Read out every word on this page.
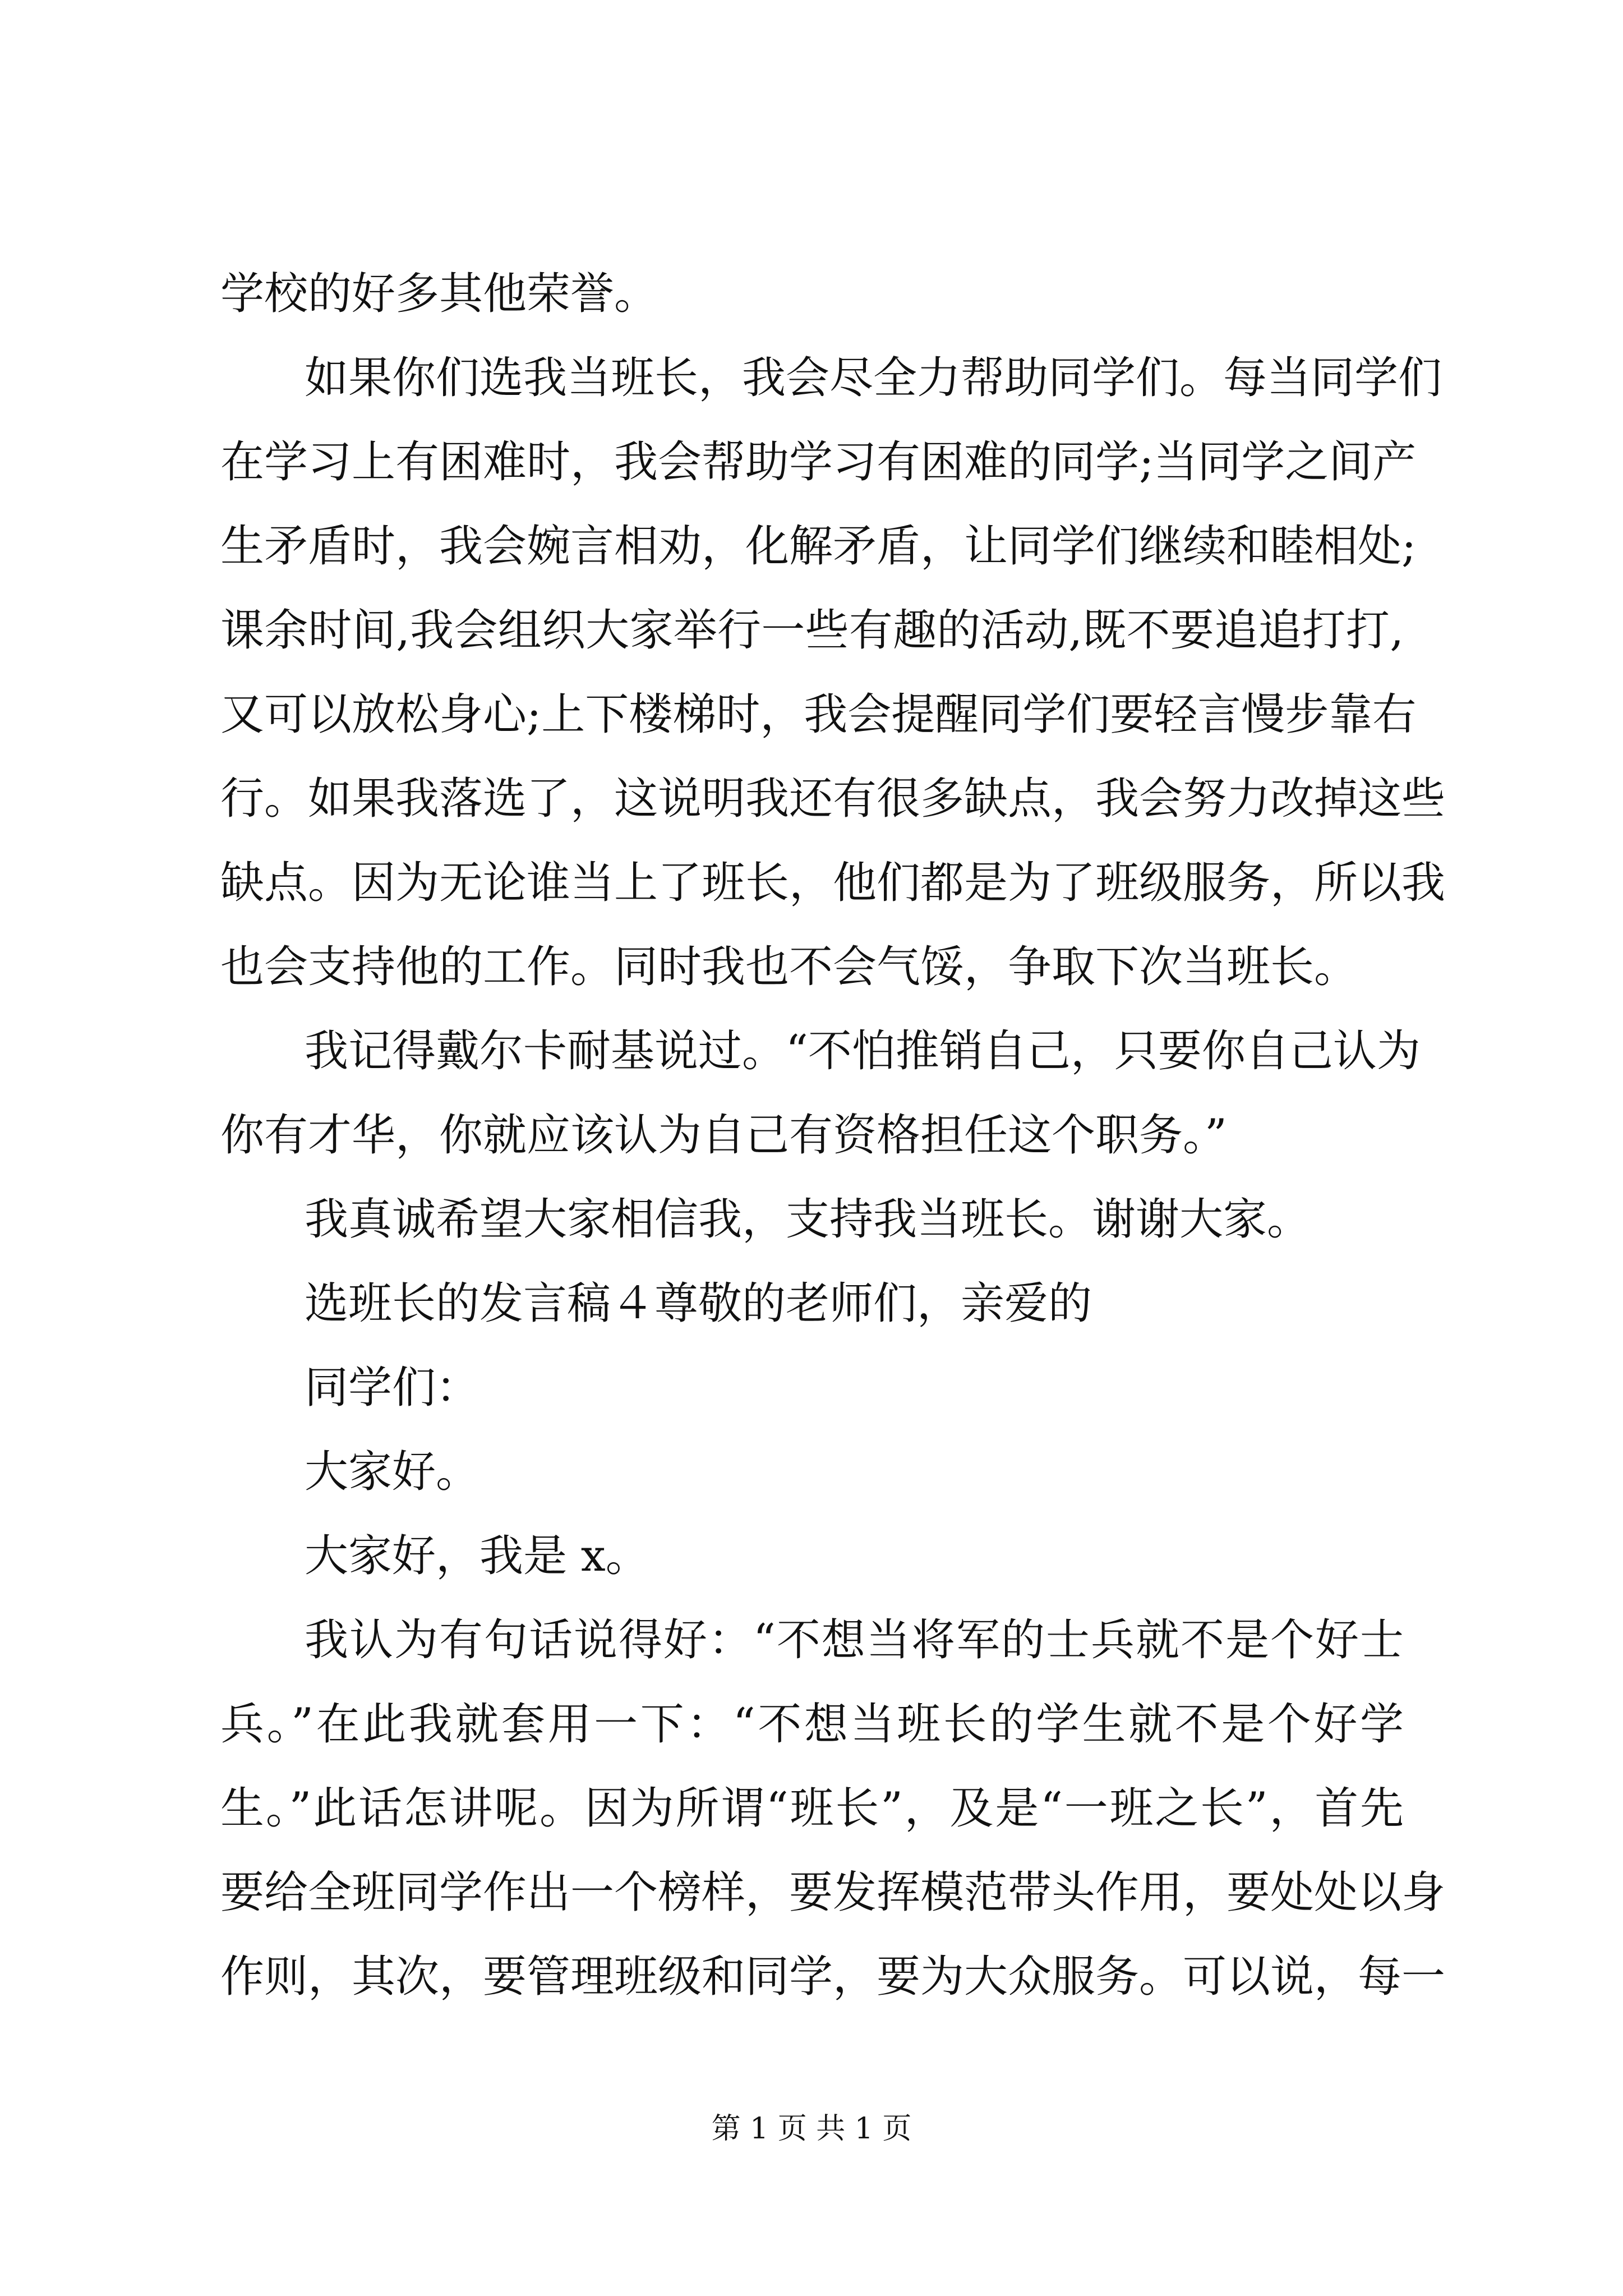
学校的好多其他荣誉。
如果你们选我当班长，我会尽全力帮助同学们。每当同学们
在学习上有困难时，我会帮助学习有困难的同学;当同学之间产
生矛盾时，我会婉言相劝，化解矛盾，让同学们继续和睦相处;
课余时间,我会组织大家举行一些有趣的活动,既不要追追打打,
又可以放松身心;上下楼梯时，我会提醒同学们要轻言慢步靠右
行。如果我落选了，这说明我还有很多缺点，我会努力改掉这些
缺点。因为无论谁当上了班长，他们都是为了班级服务，所以我
也会支持他的工作。同时我也不会气馁，争取下次当班长。
我记得戴尔卡耐基说过。“不怕推销自己，只要你自己认为
你有才华，你就应该认为自己有资格担任这个职务。”
我真诚希望大家相信我，支持我当班长。谢谢大家。
选班长的发言稿４尊敬的老师们，亲爱的
同学们：
大家好。
大家好，我是 x。
我认为有句话说得好：“不想当将军的士兵就不是个好士
兵。”在此我就套用一下：“不想当班长的学生就不是个好学
生。”此话怎讲呢。因为所谓“班长”，及是“一班之长”，首先
要给全班同学作出一个榜样，要发挥模范带头作用，要处处以身
作则，其次，要管理班级和同学，要为大众服务。可以说，每一
第 1 页 共 1 页
